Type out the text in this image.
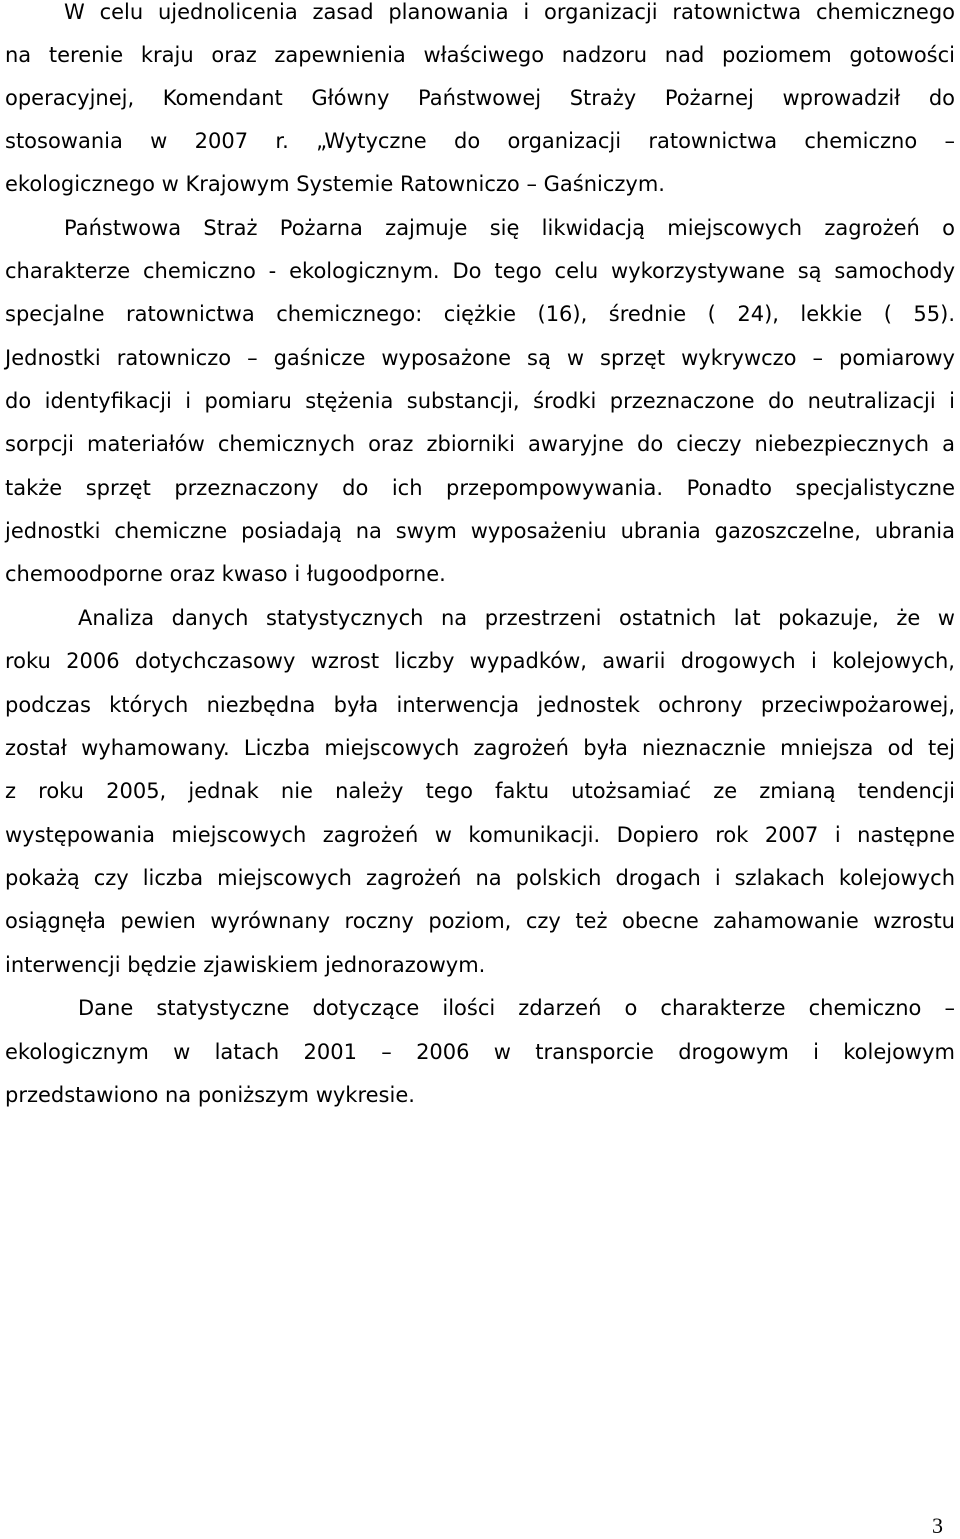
W celu ujednolicenia zasad planowania i organizacji ratownictwa chemicznego
na terenie kraju oraz zapewnienia właściwego nadzoru nad poziomem gotowości
operacyjnej, Komendant Główny Państwowej Straży Pożarnej wprowadził do
stosowania w 2007 r. „Wytyczne do organizacji ratownictwa chemiczno –
ekologicznego w Krajowym Systemie Ratowniczo – Gaśniczym.
Państwowa Straż Pożarna zajmuje się likwidacją miejscowych zagrożeń o
charakterze chemiczno - ekologicznym. Do tego celu wykorzystywane są samochody
specjalne ratownictwa chemicznego: ciężkie (16), średnie ( 24), lekkie ( 55).
Jednostki ratowniczo – gaśnicze wyposażone są w sprzęt wykrywczo – pomiarowy
do identyfikacji i pomiaru stężenia substancji, środki przeznaczone do neutralizacji i
sorpcji materiałów chemicznych oraz zbiorniki awaryjne do cieczy niebezpiecznych a
także sprzęt przeznaczony do ich przepompowywania. Ponadto specjalistyczne
jednostki chemiczne posiadają na swym wyposażeniu ubrania gazoszczelne, ubrania
chemoodporne oraz kwaso i ługoodporne.
Analiza danych statystycznych na przestrzeni ostatnich lat pokazuje, że w
roku 2006 dotychczasowy wzrost liczby wypadków, awarii drogowych i kolejowych,
podczas których niezbędna była interwencja jednostek ochrony przeciwpożarowej,
został wyhamowany. Liczba miejscowych zagrożeń była nieznacznie mniejsza od tej
z roku 2005, jednak nie należy tego faktu utożsamiać ze zmianą tendencji
występowania miejscowych zagrożeń w komunikacji. Dopiero rok 2007 i następne
pokażą czy liczba miejscowych zagrożeń na polskich drogach i szlakach kolejowych
osiągnęła pewien wyrównany roczny poziom, czy też obecne zahamowanie wzrostu
interwencji będzie zjawiskiem jednorazowym.
Dane statystyczne dotyczące ilości zdarzeń o charakterze chemiczno –
ekologicznym w latach 2001 – 2006 w transporcie drogowym i kolejowym
przedstawiono na poniższym wykresie.
3
